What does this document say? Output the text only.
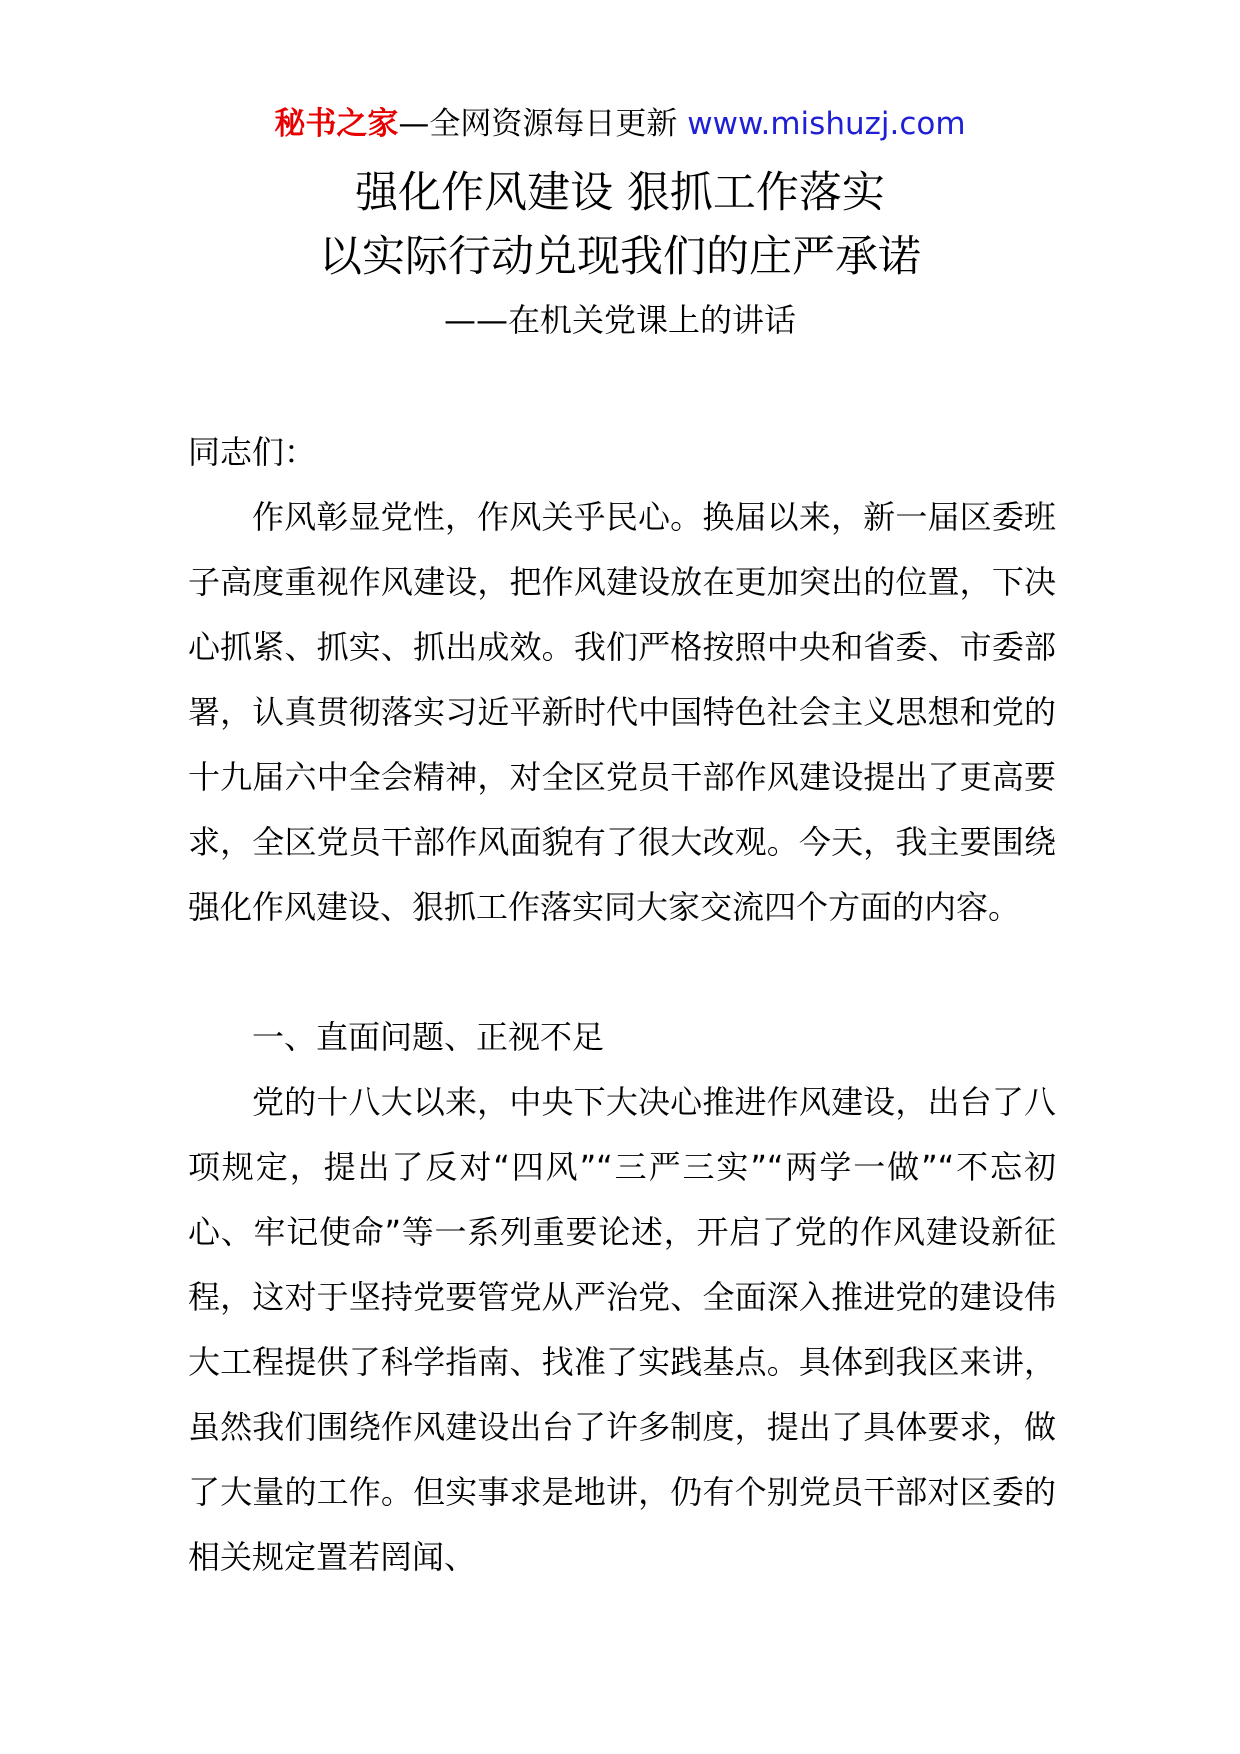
秘书之家—全网资源每日更新 www.mishuzj.com
强化作风建设 狠抓工作落实
以实际行动兑现我们的庄严承诺
——在机关党课上的讲话
同志们：
作风彰显党性，作风关乎民心。换届以来，新一届区委班子高度重视作风建设，把作风建设放在更加突出的位置，下决心抓紧、抓实、抓出成效。我们严格按照中央和省委、市委部署，认真贯彻落实习近平新时代中国特色社会主义思想和党的十九届六中全会精神，对全区党员干部作风建设提出了更高要求，全区党员干部作风面貌有了很大改观。今天，我主要围绕强化作风建设、狠抓工作落实同大家交流四个方面的内容。
一、直面问题、正视不足
党的十八大以来，中央下大决心推进作风建设，出台了八项规定，提出了反对“四风”“三严三实”“两学一做”“不忘初心、牢记使命”等一系列重要论述，开启了党的作风建设新征程，这对于坚持党要管党从严治党、全面深入推进党的建设伟大工程提供了科学指南、找准了实践基点。具体到我区来讲，虽然我们围绕作风建设出台了许多制度，提出了具体要求，做了大量的工作。但实事求是地讲，仍有个别党员干部对区委的相关规定置若罔闻、
